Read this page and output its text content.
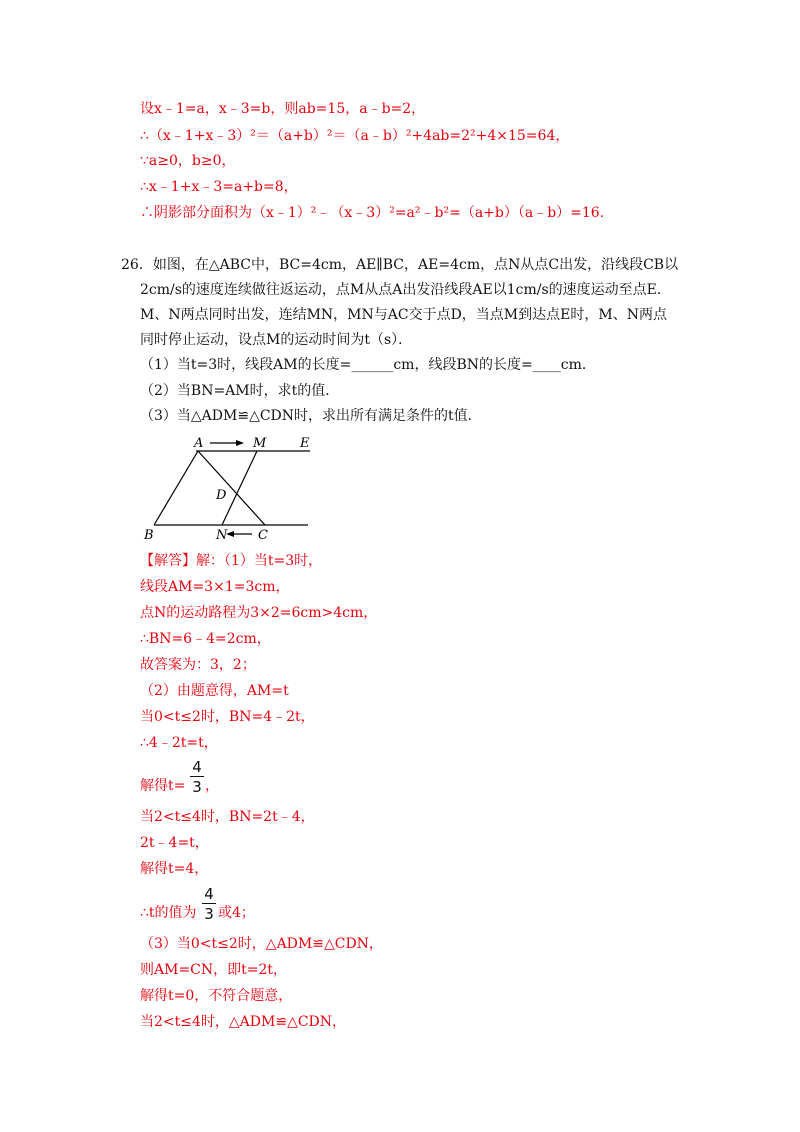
设x﹣1=a，x﹣3=b，则ab=15，a﹣b=2，
∴（x﹣1+x﹣3）²＝（a+b）²＝（a﹣b）²+4ab=2²+4×15=64，
∵a≥0，b≥0，
∴x﹣1+x﹣3=a+b=8，
∴阴影部分面积为（x﹣1）²﹣（x﹣3）²=a²﹣b²=（a+b）（a﹣b）=16.
26．如图，在△ABC中，BC=4cm，AE∥BC，AE=4cm，点N从点C出发，沿线段CB以
2cm/s的速度连续做往返运动，点M从点A出发沿线段AE以1cm/s的速度运动至点E．
M、N两点同时出发，连结MN，MN与AC交于点D，当点M到达点E时，M、N两点
同时停止运动，设点M的运动时间为t（s）．
（1）当t=3时，线段AM的长度=______cm，线段BN的长度=____cm．
（2）当BN=AM时，求t的值．
（3）当△ADM≌△CDN时，求出所有满足条件的t值．
A	M	E
D
B	N C
【解答】解：（1）当t=3时，
线段AM=3×1=3cm，
点N的运动路程为3×2=6cm>4cm，
∴BN=6﹣4=2cm，
故答案为：3，2；
（2）由题意得，AM=t
当0<t≤2时，BN=4﹣2t，
∴4﹣2t=t，
解得t=
4
3 ，
当2<t≤4时，BN=2t﹣4，
2t﹣4=t，
解得t=4，
∴t的值为
4
3 或4；
（3）当0<t≤2时，△ADM≌△CDN，
则AM=CN，即t=2t，
解得t=0，不符合题意，
当2<t≤4时，△ADM≌△CDN，
